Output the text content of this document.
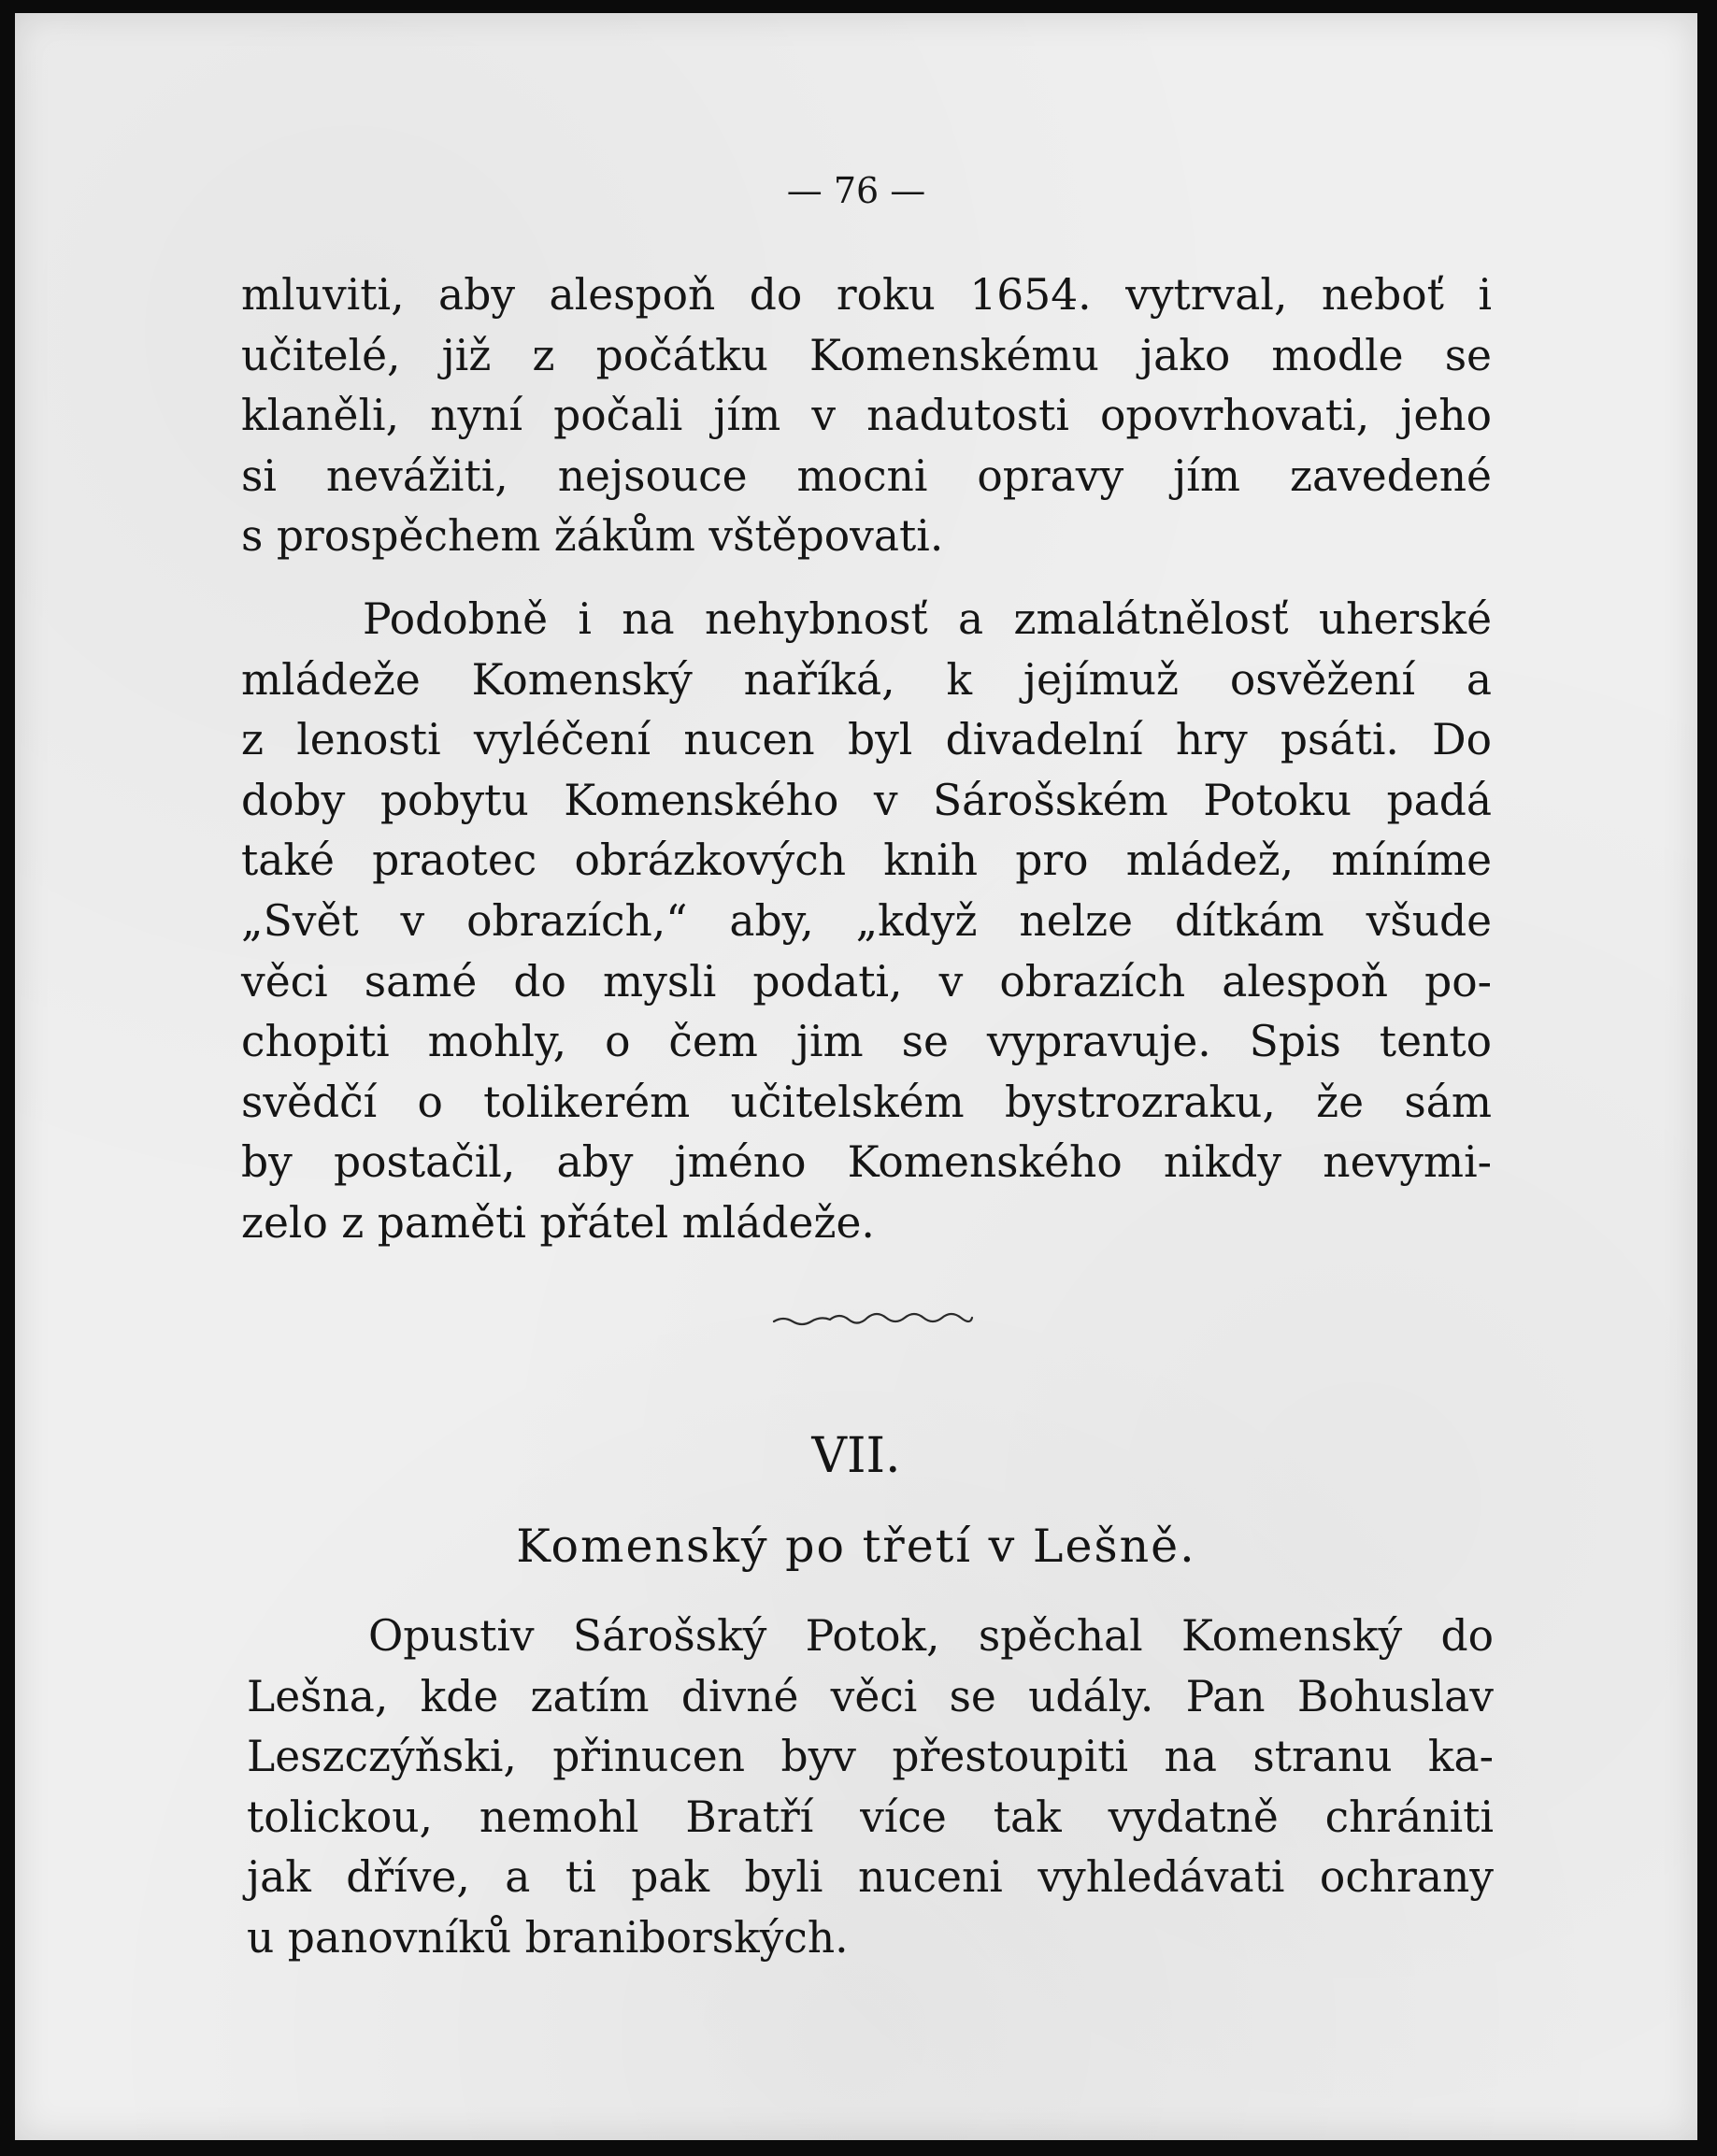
— 76 —

mluviti, aby alespoň do roku 1654. vytrval, neboť i
učitelé, již z počátku Komenskému jako modle se
klaněli, nyní počali jím v nadutosti opovrhovati, jeho
si nevážiti, nejsouce mocni opravy jím zavedené
s prospěchem žákům vštěpovati.
Podobně i na nehybnosť a zmalátnělosť uherské
mládeže Komenský naříká, k jejímuž osvěžení a
z lenosti vyléčení nucen byl divadelní hry psáti. Do
doby pobytu Komenského v Sárošském Potoku padá
také praotec obrázkových knih pro mládež, míníme
„Svět v obrazích,“ aby, „když nelze dítkám všude
věci samé do mysli podati, v obrazích alespoň po-
chopiti mohly, o čem jim se vypravuje. Spis tento
svědčí o tolikerém učitelském bystrozraku, že sám
by postačil, aby jméno Komenského nikdy nevymi-
zelo z paměti přátel mládeže.

VII.

Komenský po třetí v Lešně.

Opustiv Sárošský Potok, spěchal Komenský do
Lešna, kde zatím divné věci se udály. Pan Bohuslav
Leszczýňski, přinucen byv přestoupiti na stranu ka-
tolickou, nemohl Bratří více tak vydatně chrániti
jak dříve, a ti pak byli nuceni vyhledávati ochrany
u panovníků braniborských.
